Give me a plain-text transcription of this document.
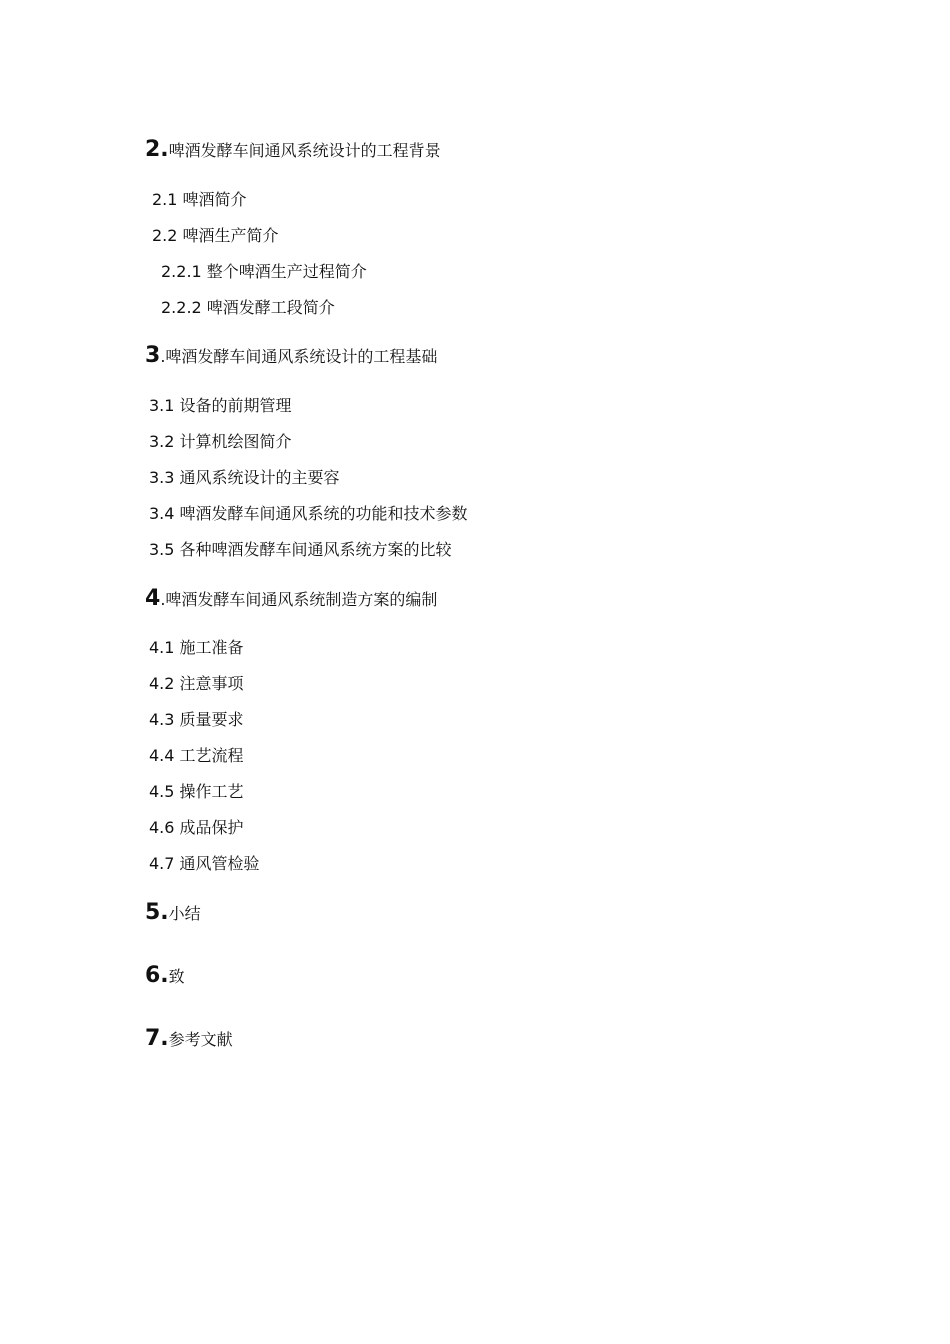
2.啤酒发酵车间通风系统设计的工程背景
2.1 啤酒简介
2.2 啤酒生产简介
2.2.1 整个啤酒生产过程简介
2.2.2 啤酒发酵工段简介
3.啤酒发酵车间通风系统设计的工程基础
3.1 设备的前期管理
3.2 计算机绘图简介
3.3 通风系统设计的主要容
3.4 啤酒发酵车间通风系统的功能和技术参数
3.5 各种啤酒发酵车间通风系统方案的比较
4.啤酒发酵车间通风系统制造方案的编制
4.1 施工准备
4.2 注意事项
4.3 质量要求
4.4 工艺流程
4.5 操作工艺
4.6 成品保护
4.7 通风管检验
5.小结
6.致
7.参考文献
